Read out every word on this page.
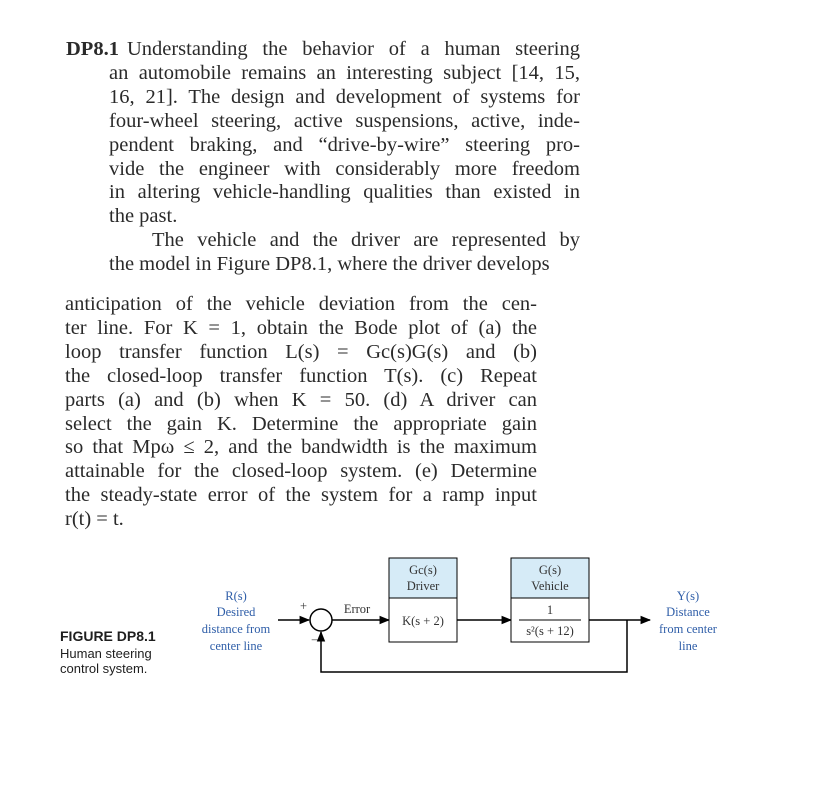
DP8.1 Understanding the behavior of a human steering
an automobile remains an interesting subject [14, 15,
16, 21]. The design and development of systems for
four-wheel steering, active suspensions, active, inde-
pendent braking, and “drive-by-wire” steering pro-
vide the engineer with considerably more freedom
in altering vehicle-handling qualities than existed in
the past.
The vehicle and the driver are represented by
the model in Figure DP8.1, where the driver develops
anticipation of the vehicle deviation from the cen-
ter line. For K = 1, obtain the Bode plot of (a) the
loop transfer function L(s) = Gc(s)G(s) and (b)
the closed-loop transfer function T(s). (c) Repeat
parts (a) and (b) when K = 50. (d) A driver can
select the gain K. Determine the appropriate gain
so that Mpω ≤ 2, and the bandwidth is the maximum
attainable for the closed-loop system. (e) Determine
the steady-state error of the system for a ramp input
r(t) = t.
FIGURE DP8.1
Human steering
control system.
R(s)
Desired
distance from
center line
+
−
Error
Gc(s)
Driver
K(s + 2)
G(s)
Vehicle
1
s²(s + 12)
Y(s)
Distance
from center
line
